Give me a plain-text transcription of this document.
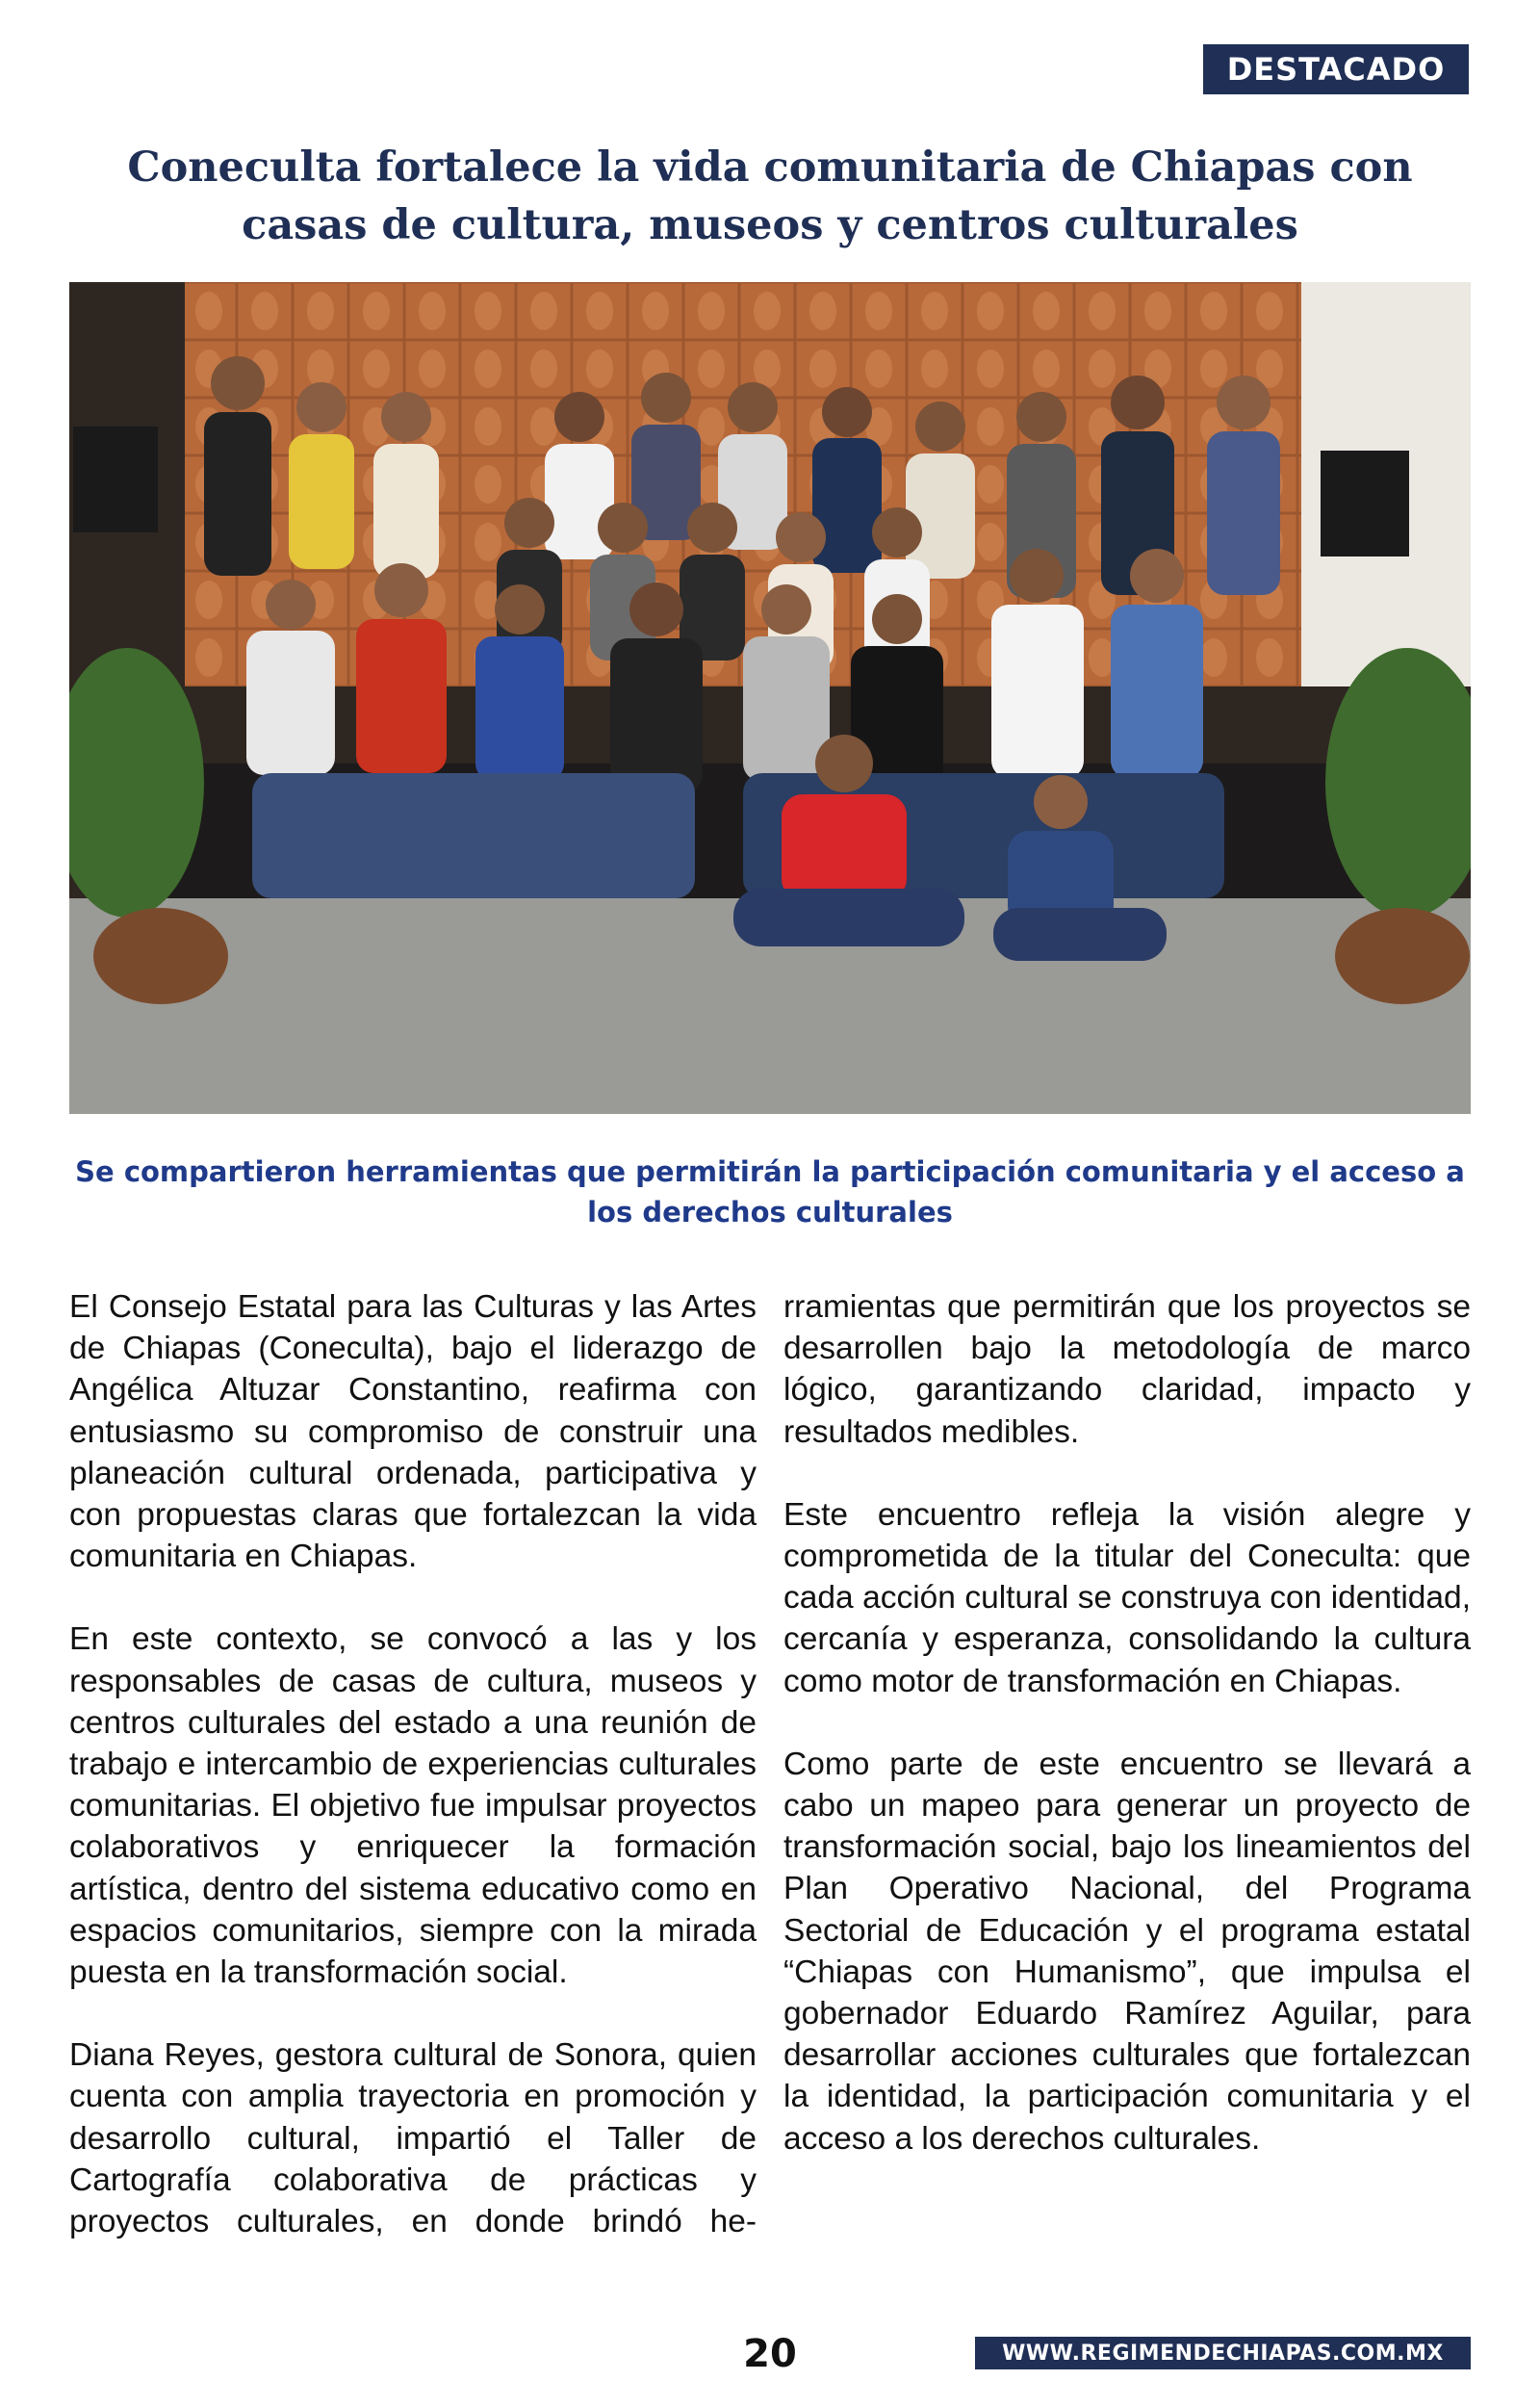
DESTACADO
Coneculta fortalece la vida comunitaria de Chiapas con casas de cultura, museos y centros culturales

Se compartieron herramientas que permitirán la participación comunitaria y el acceso a los derechos culturales

El Consejo Estatal para las Culturas y las Artes de Chiapas (Coneculta), bajo el liderazgo de Angélica Altuzar Constantino, reafirma con entusiasmo su compromiso de construir una planeación cultural ordenada, participativa y con propuestas claras que fortalezcan la vida comunitaria en Chiapas.

En este contexto, se convocó a las y los responsables de casas de cultura, museos y centros culturales del estado a una reunión de trabajo e intercambio de experiencias culturales comunitarias. El objetivo fue impulsar proyectos colaborativos y enriquecer la formación artística, dentro del sistema educativo como en espacios comunitarios, siempre con la mirada puesta en la transformación social.

Diana Reyes, gestora cultural de Sonora, quien cuenta con amplia trayectoria en promoción y desarrollo cultural, impartió el Taller de Cartografía colaborativa de prácticas y proyectos culturales, en donde brindó he-

rramientas que permitirán que los proyectos se desarrollen bajo la metodología de marco lógico, garantizando claridad, impacto y resultados medibles.

Este encuentro refleja la visión alegre y comprometida de la titular del Coneculta: que cada acción cultural se construya con identidad, cercanía y esperanza, consolidando la cultura como motor de transformación en Chiapas.

Como parte de este encuentro se llevará a cabo un mapeo para generar un proyecto de transformación social, bajo los lineamientos del Plan Operativo Nacional, del Programa Sectorial de Educación y el programa estatal “Chiapas con Humanismo”, que impulsa el gobernador Eduardo Ramírez Aguilar, para desarrollar acciones culturales que fortalezcan la identidad, la participación comunitaria y el acceso a los derechos culturales.

20	WWW.REGIMENDECHIAPAS.COM.MX
